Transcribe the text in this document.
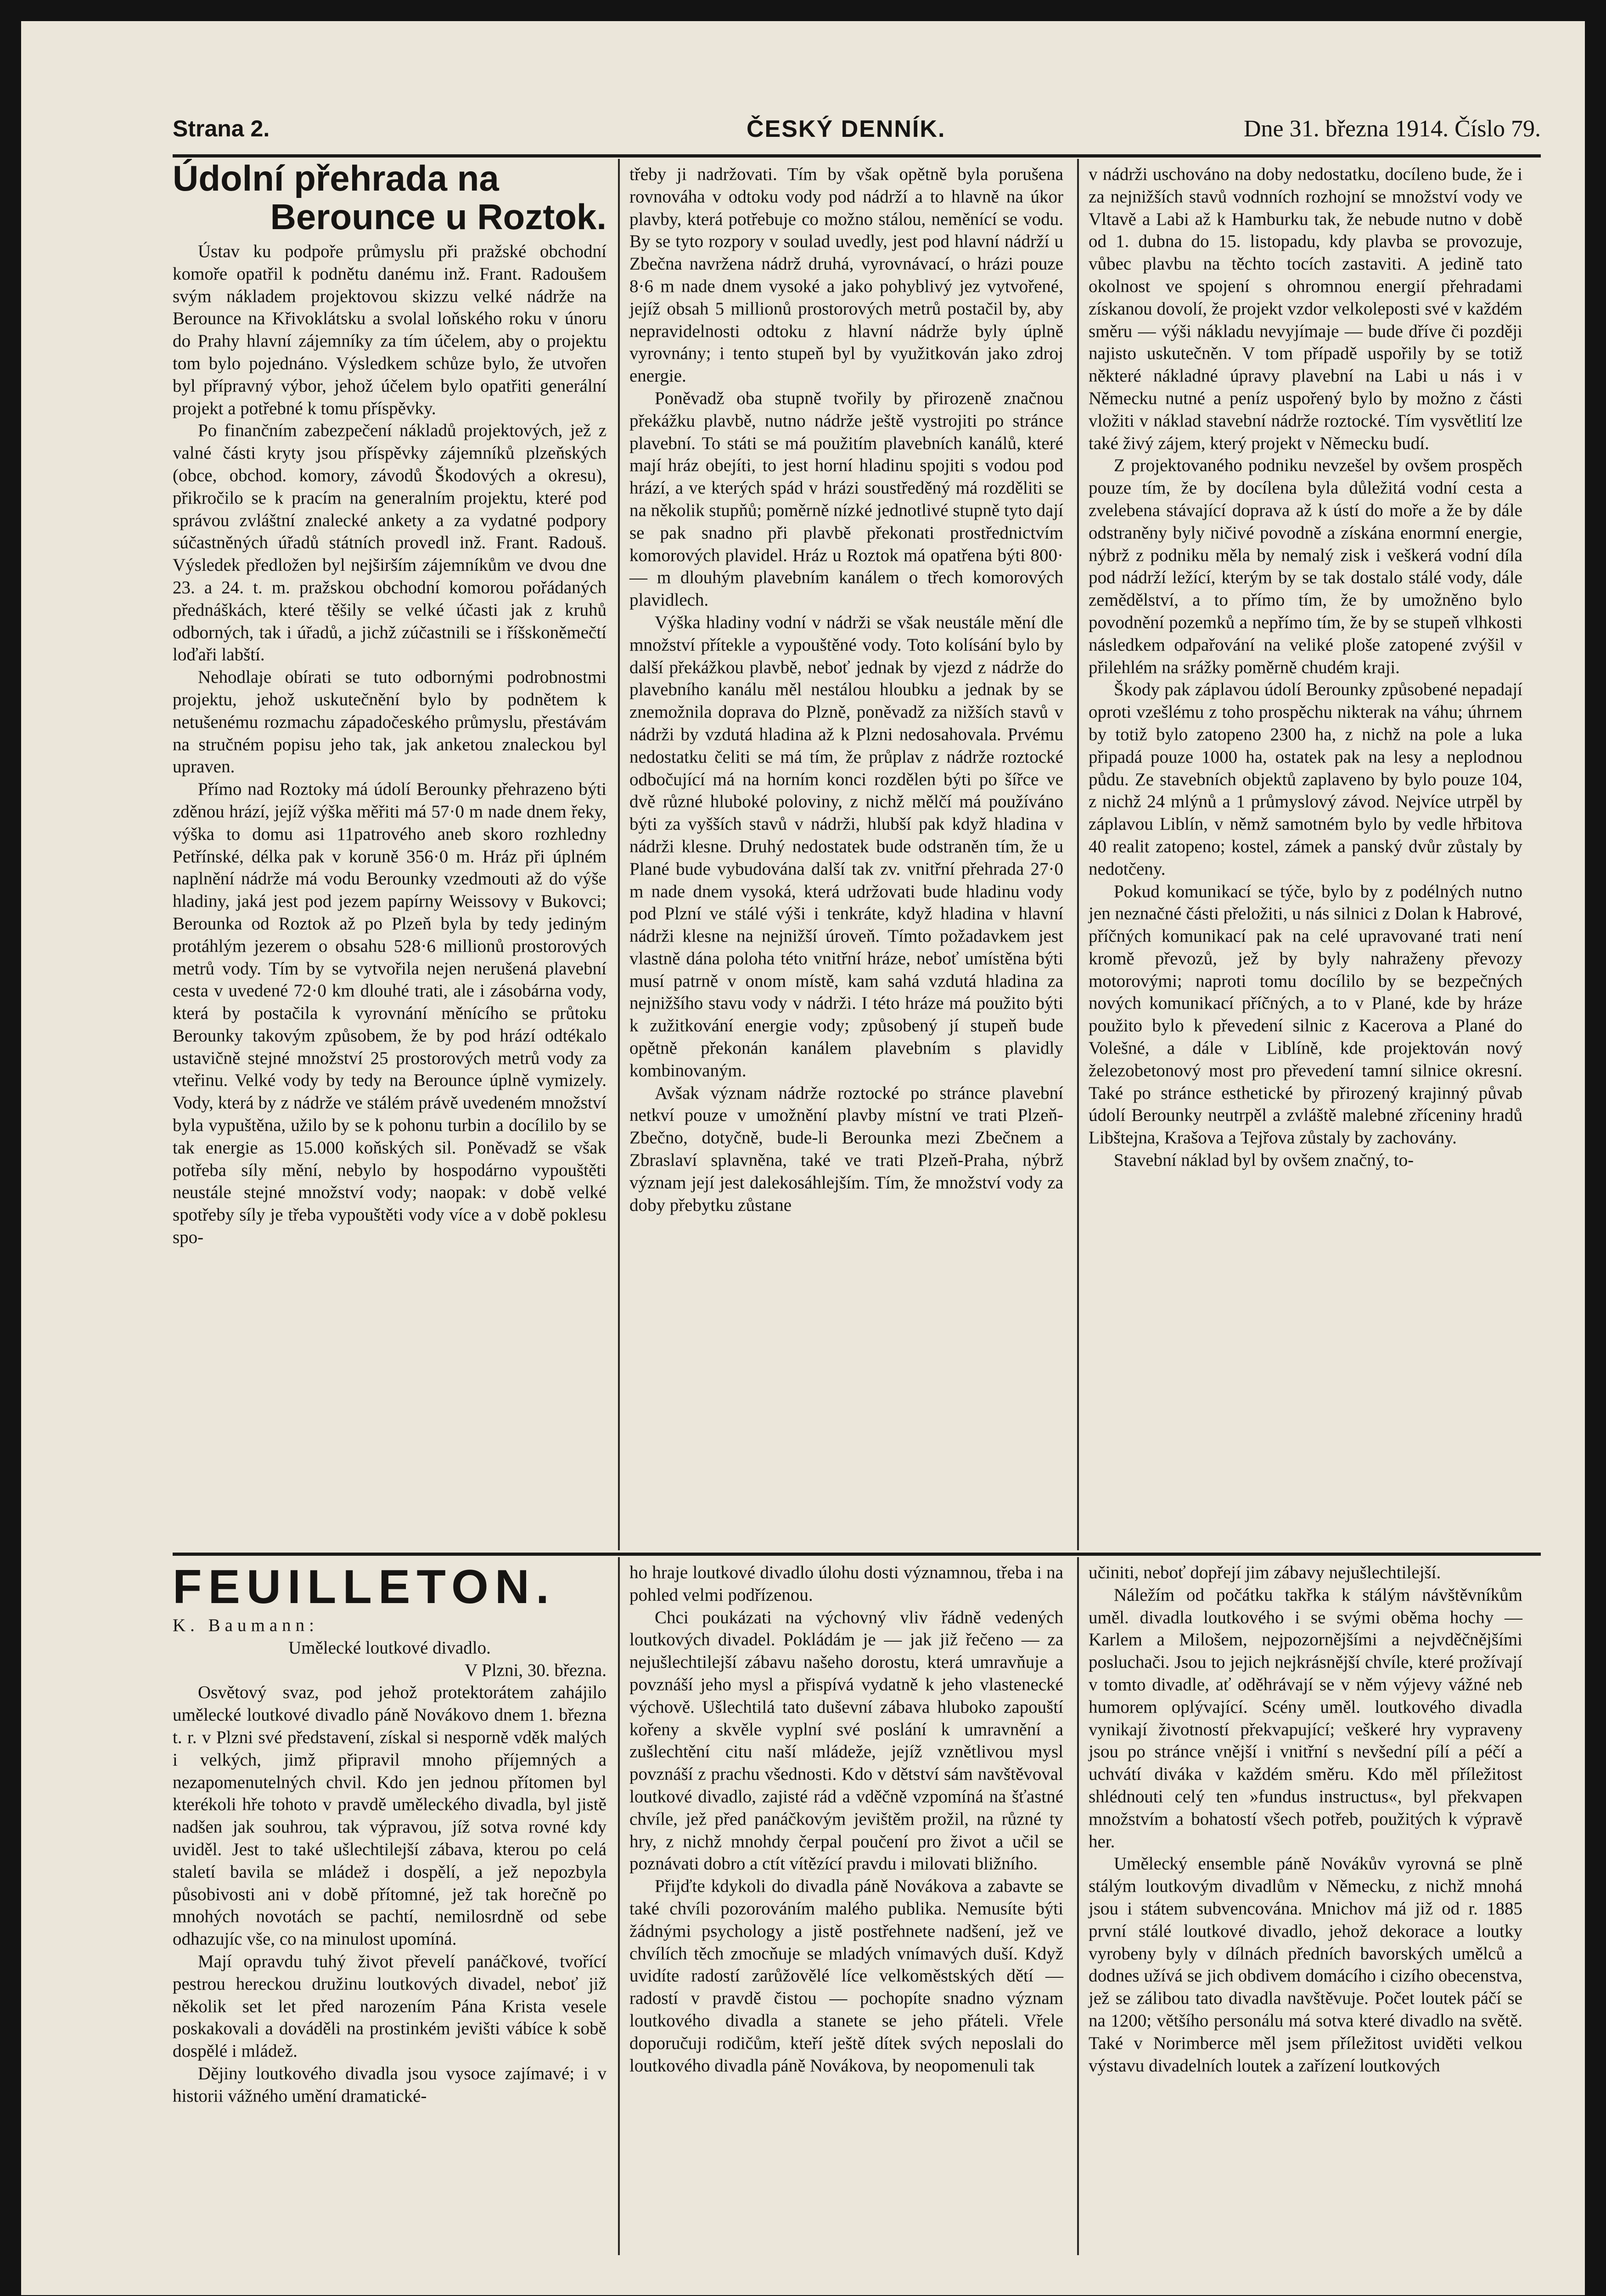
Strana 2.	ČESKÝ DENNÍK.	Dne 31. března 1914. Číslo 79.
Údolní přehrada na
Berounce u Roztok.

Ústav ku podpoře průmyslu při pražské obchodní komoře opatřil k podnětu danému inž. Frant. Radoušem svým nákladem projektovou skizzu velké nádrže na Berounce na Křivoklátsku a svolal loňského roku v únoru do Prahy hlavní zájemníky za tím účelem, aby o projektu tom bylo pojednáno. Výsledkem schůze bylo, že utvořen byl přípravný výbor, jehož účelem bylo opatřiti generální projekt a potřebné k tomu příspěvky.

Po finančním zabezpečení nákladů projektových, jež z valné části kryty jsou příspěvky zájemníků plzeňských (obce, obchod. komory, závodů Škodových a okresu), přikročilo se k pracím na generalním projektu, které pod správou zvláštní znalecké ankety a za vydatné podpory súčastněných úřadů státních provedl inž. Frant. Radouš. Výsledek předložen byl nejširším zájemníkům ve dvou dne 23. a 24. t. m. pražskou obchodní komorou pořádaných přednáškách, které těšily se velké účasti jak z kruhů odborných, tak i úřadů, a jichž zúčastnili se i říšskoněmečtí loďaři labští.

Nehodlaje obírati se tuto odbornými podrobnostmi projektu, jehož uskutečnění bylo by podnětem k netušenému rozmachu západočeského průmyslu, přestávám na stručném popisu jeho tak, jak anketou znaleckou byl upraven.

Přímo nad Roztoky má údolí Berounky přehrazeno býti zděnou hrází, jejíž výška měřiti má 57·0 m nade dnem řeky, výška to domu asi 11patrového aneb skoro rozhledny Petřínské, délka pak v koruně 356·0 m. Hráz při úplném naplnění nádrže má vodu Berounky vzedmouti až do výše hladiny, jaká jest pod jezem papírny Weissovy v Bukovci; Berounka od Roztok až po Plzeň byla by tedy jediným protáhlým jezerem o obsahu 528·6 millionů prostorových metrů vody. Tím by se vytvořila nejen nerušená plavební cesta v uvedené 72·0 km dlouhé trati, ale i zásobárna vody, která by postačila k vyrovnání měnícího se průtoku Berounky takovým způsobem, že by pod hrází odtékalo ustavičně stejné množství 25 prostorových metrů vody za vteřinu. Velké vody by tedy na Berounce úplně vymizely. Vody, která by z nádrže ve stálém právě uvedeném množství byla vypuštěna, užilo by se k pohonu turbin a docílilo by se tak energie as 15.000 koňských sil. Poněvadž se však potřeba síly mění, nebylo by hospodárno vypouštěti neustále stejné množství vody; naopak: v době velké spotřeby síly je třeba vypouštěti vody více a v době poklesu spo-

třeby ji nadržovati. Tím by však opětně byla porušena rovnováha v odtoku vody pod nádrží a to hlavně na úkor plavby, která potřebuje co možno stálou, neměnící se vodu. By se tyto rozpory v soulad uvedly, jest pod hlavní nádrží u Zbečna navržena nádrž druhá, vyrovnávací, o hrázi pouze 8·6 m nade dnem vysoké a jako pohyblivý jez vytvořené, jejíž obsah 5 millionů prostorových metrů postačil by, aby nepravidelnosti odtoku z hlavní nádrže byly úplně vyrovnány; i tento stupeň byl by využitkován jako zdroj energie.

Poněvadž oba stupně tvořily by přirozeně značnou překážku plavbě, nutno nádrže ještě vystrojiti po stránce plavební. To státi se má použitím plavebních kanálů, které mají hráz obejíti, to jest horní hladinu spojiti s vodou pod hrází, a ve kterých spád v hrázi soustředěný má rozděliti se na několik stupňů; poměrně nízké jednotlivé stupně tyto dají se pak snadno při plavbě překonati prostřednictvím komorových plavidel. Hráz u Roztok má opatřena býti 800·— m dlouhým plavebním kanálem o třech komorových plavidlech.

Výška hladiny vodní v nádrži se však neustále mění dle množství přítekle a vypouštěné vody. Toto kolísání bylo by další překážkou plavbě, neboť jednak by vjezd z nádrže do plavebního kanálu měl nestálou hloubku a jednak by se znemožnila doprava do Plzně, poněvadž za nižších stavů v nádrži by vzdutá hladina až k Plzni nedosahovala. Prvému nedostatku čeliti se má tím, že průplav z nádrže roztocké odbočující má na horním konci rozdělen býti po šířce ve dvě různé hluboké poloviny, z nichž mělčí má používáno býti za vyšších stavů v nádrži, hlubší pak když hladina v nádrži klesne. Druhý nedostatek bude odstraněn tím, že u Plané bude vybudována další tak zv. vnitřní přehrada 27·0 m nade dnem vysoká, která udržovati bude hladinu vody pod Plzní ve stálé výši i tenkráte, když hladina v hlavní nádrži klesne na nejnižší úroveň. Tímto požadavkem jest vlastně dána poloha této vnitřní hráze, neboť umístěna býti musí patrně v onom místě, kam sahá vzdutá hladina za nejnižšího stavu vody v nádrži. I této hráze má použito býti k zužitkování energie vody; způsobený jí stupeň bude opětně překonán kanálem plavebním s plavidly kombinovaným.

Avšak význam nádrže roztocké po stránce plavební netkví pouze v umožnění plavby místní ve trati Plzeň-Zbečno, dotyčně, bude-li Berounka mezi Zbečnem a Zbraslaví splavněna, také ve trati Plzeň-Praha, nýbrž význam její jest dalekosáhlejším. Tím, že množství vody za doby přebytku zůstane

v nádrži uschováno na doby nedostatku, docíleno bude, že i za nejnižších stavů vodnních rozhojní se množství vody ve Vltavě a Labi až k Hamburku tak, že nebude nutno v době od 1. dubna do 15. listopadu, kdy plavba se provozuje, vůbec plavbu na těchto tocích zastaviti. A jedině tato okolnost ve spojení s ohromnou energií přehradami získanou dovolí, že projekt vzdor velkoleposti své v každém směru — výši nákladu nevyjímaje — bude dříve či později najisto uskutečněn. V tom případě uspořily by se totiž některé nákladné úpravy plavební na Labi u nás i v Německu nutné a peníz uspořený bylo by možno z části vložiti v náklad stavební nádrže roztocké. Tím vysvětlití lze také živý zájem, který projekt v Německu budí.

Z projektovaného podniku nevzešel by ovšem prospěch pouze tím, že by docílena byla důležitá vodní cesta a zvelebena stávající doprava až k ústí do moře a že by dále odstraněny byly ničivé povodně a získána enormní energie, nýbrž z podniku měla by nemalý zisk i veškerá vodní díla pod nádrží ležící, kterým by se tak dostalo stálé vody, dále zemědělství, a to přímo tím, že by umožněno bylo povodnění pozemků a nepřímo tím, že by se stupeň vlhkosti následkem odpařování na veliké ploše zatopené zvýšil v přilehlém na srážky poměrně chudém kraji.

Škody pak záplavou údolí Berounky způsobené nepadají oproti vzešlému z toho prospěchu nikterak na váhu; úhrnem by totiž bylo zatopeno 2300 ha, z nichž na pole a luka připadá pouze 1000 ha, ostatek pak na lesy a neplodnou půdu. Ze stavebních objektů zaplaveno by bylo pouze 104, z nichž 24 mlýnů a 1 průmyslový závod. Nejvíce utrpěl by záplavou Liblín, v němž samotném bylo by vedle hřbitova 40 realit zatopeno; kostel, zámek a panský dvůr zůstaly by nedotčeny.

Pokud komunikací se týče, bylo by z podélných nutno jen neznačné části přeložiti, u nás silnici z Dolan k Habrové, příčných komunikací pak na celé upravované trati není kromě převozů, jež by byly nahraženy převozy motorovými; naproti tomu docílilo by se bezpečných nových komunikací příčných, a to v Plané, kde by hráze použito bylo k převedení silnic z Kacerova a Plané do Volešné, a dále v Liblíně, kde projektován nový železobetonový most pro převedení tamní silnice okresní. Také po stránce esthetické by přirozený krajinný půvab údolí Berounky neutrpěl a zvláště malebné zříceniny hradů Libštejna, Krašova a Tejřova zůstaly by zachovány.

Stavební náklad byl by ovšem značný, to-

FEUILLETON.

K. Baumann:

Umělecké loutkové divadlo.

V Plzni, 30. března.

Osvětový svaz, pod jehož protektorátem zahájilo umělecké loutkové divadlo páně Novákovo dnem 1. března t. r. v Plzni své představení, získal si nesporně vděk malých i velkých, jimž připravil mnoho příjemných a nezapomenutelných chvil. Kdo jen jednou přítomen byl kterékoli hře tohoto v pravdě uměleckého divadla, byl jistě nadšen jak souhrou, tak výpravou, jíž sotva rovné kdy uviděl. Jest to také ušlechtilejší zábava, kterou po celá staletí bavila se mládež i dospělí, a jež nepozbyla působivosti ani v době přítomné, jež tak horečně po mnohých novotách se pachtí, nemilosrdně od sebe odhazujíc vše, co na minulost upomíná.

Mají opravdu tuhý život převelí panáčkové, tvořící pestrou hereckou družinu loutkových divadel, neboť již několik set let před narozením Pána Krista vesele poskakovali a dováděli na prostinkém jevišti vábíce k sobě dospělé i mládež.

Dějiny loutkového divadla jsou vysoce zajímavé; i v historii vážného umění dramatické-

ho hraje loutkové divadlo úlohu dosti významnou, třeba i na pohled velmi podřízenou.

Chci poukázati na výchovný vliv řádně vedených loutkových divadel. Pokládám je — jak již řečeno — za nejušlechtilejší zábavu našeho dorostu, která umravňuje a povznáší jeho mysl a přispívá vydatně k jeho vlastenecké výchově. Ušlechtilá tato duševní zábava hluboko zapouští kořeny a skvěle vyplní své poslání k umravnění a zušlechtění citu naší mládeže, jejíž vznětlivou mysl povznáší z prachu všednosti. Kdo v dětství sám navštěvoval loutkové divadlo, zajisté rád a vděčně vzpomíná na šťastné chvíle, jež před panáčkovým jevištěm prožil, na různé ty hry, z nichž mnohdy čerpal poučení pro život a učil se poznávati dobro a ctít vítězící pravdu i milovati bližního.

Přijďte kdykoli do divadla páně Novákova a zabavte se také chvíli pozorováním malého publika. Nemusíte býti žádnými psychology a jistě postřehnete nadšení, jež ve chvílích těch zmocňuje se mladých vnímavých duší. Když uvidíte radostí zarůžovělé líce velkoměstských dětí — radostí v pravdě čistou — pochopíte snadno význam loutkového divadla a stanete se jeho přáteli. Vřele doporučuji rodičům, kteří ještě dítek svých neposlali do loutkového divadla páně Novákova, by neopomenuli tak

učiniti, neboť dopřejí jim zábavy nejušlechtilejší.

Náležím od počátku takřka k stálým návštěvníkům uměl. divadla loutkového i se svými oběma hochy — Karlem a Milošem, nejpozornějšími a nejvděčnějšími posluchači. Jsou to jejich nejkrásnější chvíle, které prožívají v tomto divadle, ať oděhrávají se v něm výjevy vážné neb humorem oplývající. Scény uměl. loutkového divadla vynikají životností překvapující; veškeré hry vypraveny jsou po stránce vnější i vnitřní s nevšední pílí a péčí a uchvátí diváka v každém směru. Kdo měl příležitost shlédnouti celý ten »fundus instructus«, byl překvapen množstvím a bohatostí všech potřeb, použitých k výpravě her.

Umělecký ensemble páně Novákův vyrovná se plně stálým loutkovým divadlům v Německu, z nichž mnohá jsou i státem subvencována. Mnichov má již od r. 1885 první stálé loutkové divadlo, jehož dekorace a loutky vyrobeny byly v dílnách předních bavorských umělců a dodnes užívá se jich obdivem domácího i cizího obecenstva, jež se zálibou tato divadla navštěvuje. Počet loutek páčí se na 1200; většího personálu má sotva které divadlo na světě. Také v Norimberce měl jsem příležitost uviděti velkou výstavu divadelních loutek a zařízení loutkových
